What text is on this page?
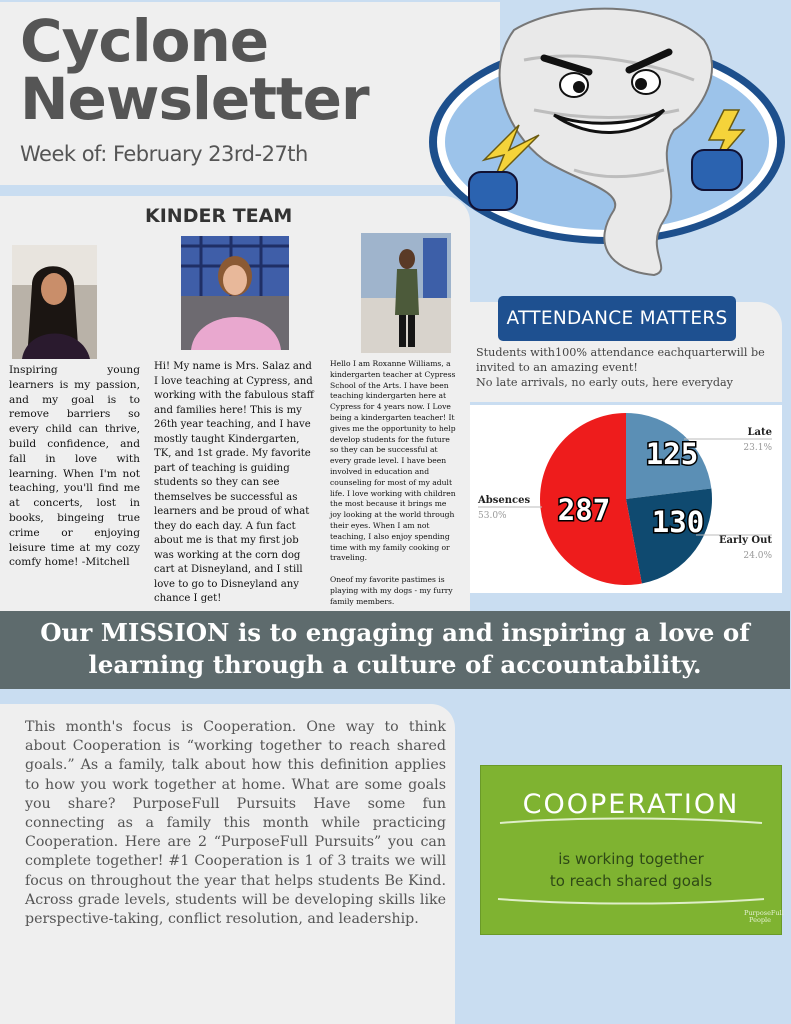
Cyclone
Newsletter
Week of: February 23rd-27th
KINDER TEAM
Inspiring young learners is my passion, and my goal is to remove barriers so every child can thrive, build confidence, and fall in love with learning. When I'm not teaching, you'll find me at concerts, lost in books, bingeing true crime or enjoying leisure time at my cozy comfy home! -Mitchell
Hi! My name is Mrs. Salaz and I love teaching at Cypress, and working with the fabulous staff and families here! This is my 26th year teaching, and I have mostly taught Kindergarten, TK, and 1st grade. My favorite part of teaching is guiding students so they can see themselves be successful as learners and be proud of what they do each day. A fun fact about me is that my first job was working at the corn dog cart at Disneyland, and I still love to go to Disneyland any chance I get!
Hello I am Roxanne Williams, a kindergarten teacher at Cypress School of the Arts. I have been teaching kindergarten here at Cypress for 4 years now. I Love being a kindergarten teacher! It gives me the opportunity to help develop students for the future so they can be successful at every grade level. I have been involved in education and counseling for most of my adult life. I love working with children the most because it brings me joy looking at the world through their eyes. When I am not teaching, I also enjoy spending time with my family cooking or traveling.
Oneof my favorite pastimes is playing with my dogs - my furry family members.
ATTENDANCE MATTERS
Students with100% attendance eachquarterwill be invited to an amazing event!
No late arrivals, no early outs, here everyday
125
130
287
Late
23.1%
Early Out
24.0%
Absences
53.0%
Our MISSION is to engaging and inspiring a love of learning through a culture of accountability.
This month's focus is Cooperation. One way to think about Cooperation is “working together to reach shared goals.” As a family, talk about how this definition applies to how you work together at home. What are some goals you share? PurposeFull Pursuits Have some fun connecting as a family this month while practicing Cooperation. Here are 2 “PurposeFull Pursuits” you can complete together! #1 Cooperation is 1 of 3 traits we will focus on throughout the year that helps students Be Kind. Across grade levels, students will be developing skills like perspective-taking, conflict resolution, and leadership.
COOPERATION
is working together
to reach shared goals
PurposeFull
People
